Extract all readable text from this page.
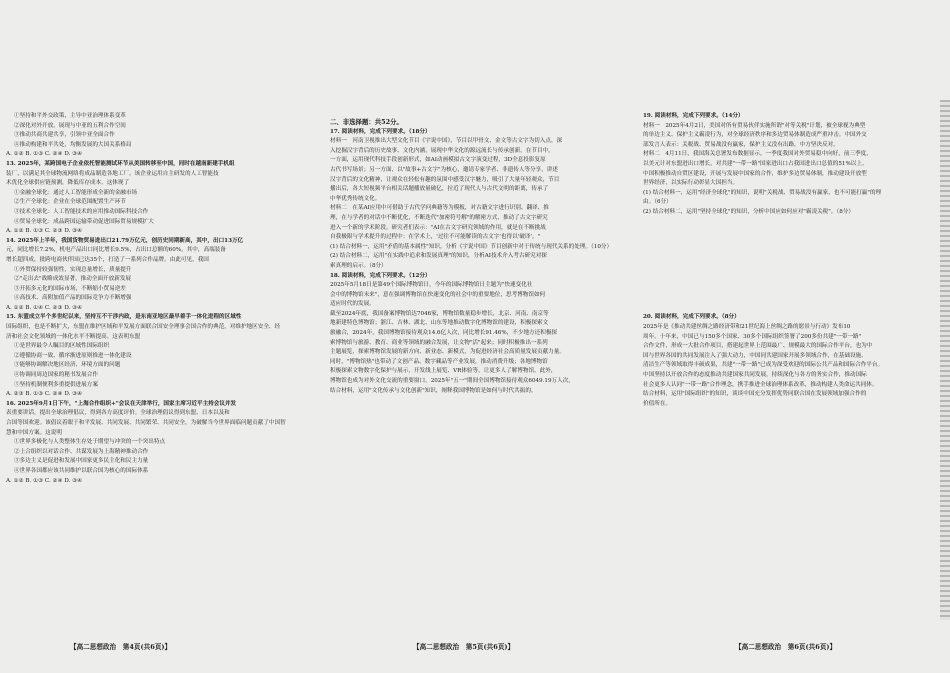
①坚持和平外交政策，主导中亚治理体系变革
②深化对外开放，展现与中亚的五利合作空间
③推动共商共建共享，引领中亚全面合作
④推动构建和平共处，均衡发展的大国关系格局
A. ①② B. ①③ C. ②④ D. ③④
13. 2025年，某跨国电子企业依托智能测试环节从美国转移至中国，同时在越南新建手机组
装厂，以满足其全球物流网络将成品制造各地工厂。该企业运用自主研发的人工智能技
术优化全球供应链预测，降低库存成本。这体现了
①金融全球化：通过人工智能形成全新的金融市场
②生产全球化：企业在全球范围配置生产环节
③技术全球化：人工智能技术的应用推动国际科技合作
④贸易全球化：成品跨国运输带动促进国际贸易规模扩大
A. ①② B. ①③ C. ②③ D. ③④
14. 2025年上半年，我国货物贸易进出口21.79万亿元，创历史同期新高，其中，出口13万亿
元，同比增长7.2%，机电产品出口同比增长9.5%，占出口总额的60%，其中，高端装备
增长超四成，批跨电商伙伴国已达35个，打造了一系列合作品牌。由此可见，我国
①外贸保持较强韧性，实现总量增长，质量提升
②"走出去"战略成效显著，推动全面开放新发展
③开拓多元化的国际市场，不断缩小贸易逆差
④高技术、高附加值产品的国际竞争力不断增强
A. ①② B. ①④ C. ②③ D. ③④
15. 东盟成立半个多世纪以来，坚持互不干涉内政，是东南亚地区最早着手一体化进程的区域性
国际组织，也是不断扩大，东盟在维护区域和平发展方面联合国安全理事会国合作的典范，对维护地区安全、经
济和社会文化领域的一体化水平不断提高。这表明东盟
①是世界最令人瞩目的区域性国际组织
②遵循协商一致、循序渐进原则推进一体化建设
③能够协调解决地区经济、环境方面的问题
④协调同周边国家的秘书发展合作
⑤坚持机制便利多重提供进展方案
A. ②③ B. ①③ C. ②④ D. ③④
16. 2025年9月1日下午，"上海合作组织+"会议在天津举行，国家主席习近平主持会议并发
表重要讲话，提出全球治理倡议，得到各方高度评价。全球治理倡议得到东盟、日本以及和
合国等国欢迎。该倡议着眼于和平发展、共同发展、共同繁荣、共同安全，为破解当今世界面临问题贡献了中国智
慧和中国方案。这说明
①世界多极化与人类整体生存处于期望与冲突的一个突出特点
②上合组织以对话合作、共谋发展为上海精神推动合作
③多边主义是促进和发展中国家更多民主化和民主力量
④世界各国都应该共同维护以联合国为核心的国际体系
A. ①② B. ①③ C. ②④ D. ③④
二、非选择题：共52分。
17. 阅读材料，完成下列要求。（18分）
材料一　河南卫视推出大型文化节目《宇说中国》，节目以甲骨文、金文等古文字为切入点，深
入挖掘汉字背后的历史故事、文化内涵，展现中华文化的源远流长与传承创新。在节目中，
一方面，运用现代科技手段创新形式，如AI动画模拟古文字演变过程，3D全息投影复原
古代书写场景；另一方面，以"故事+古文字"为核心，邀请专家学者、非遗传人等分享，讲述
汉字背后的文化精神，让观众在轻松有趣的氛围中感受汉字魅力，吸引了大量年轻观众，节目
播出后，各大短视频平台相关话题播放量破亿，拉近了现代人与古代文明的距离，传承了
中华优秀传统文化。
材料二　在某AI应用中可借助于古代学问典籍等为模板，对古籍文字进行识别、翻译、推
理，在与学者的对话中不断优化，不断迭代"加密符号解"的解密方式，推动了古文字研究
进入一个新的学术阶段。研究者们表示："AI在古文字研究领域的作用，就是在不断挑战
自我极限与学术提升的过程中：在学术上，'过往不可能解读的古文字'也得以'破译'。"
(1) 结合材料一，运用"矛盾的基本属性"知识，分析《宇说中国》节目创新中对于传统与现代关系的处理。（10分）
(2) 结合材料二，运用"在实践中追求和发展真理"的知识，分析AI技术介入考古研究对探
索真理的启示。（8分）
18. 阅读材料，完成下列要求。（12分）
2025年5月18日是第49个国际博物馆日，今年的国际博物馆日主题为"快速变化社
会中的博物馆未来"，意在强调博物馆在快速变化的社会中的重要地位，思考博物馆如何
适应时代的发展。
截至2024年底，我国备案博物馆达7046家，博物馆数量稳步增长，北京、河南、南京等
地新建特色博物馆；浙江、吉林、湖北、山东等地推动数字化博物馆的建设，积极探索文
旅融合，2024年，我国博物馆接待观众14.6亿人次，同比增长91.46%，不少地方还积极探
索博物馆与旅游、教育、商业等领域的融合发展，让文物"活"起来；同时积极推出一系列
主题展览，探索博物馆发展的新方向、新业态、新模式，为促进经济社会高质量发展贡献力量。
同时，"博物馆热"也带动了文创产品、数字藏品等产业发展，推动消费升级；各地博物馆
积极探索文物数字化保护与展示，开发线上展览、VR体验等，让更多人了解博物馆。此外，
博物馆也成为对外文化交流的重要窗口，2025年"五一"期间全国博物馆接待观众6049.19万人次，
结合材料，运用"文化传承与文化创新"知识，阐释我国博物馆是如何与时代共振的。
19. 阅读材料，完成下列要求。（14分）
材料一　2025年4月2日，美国对所有贸易伙伴实施所谓"对等关税"计划，被全球视为典型
的单边主义、保护主义霸凌行为，对全球经济秩序和多边贸易体制造成严重冲击。中国外交
部发言人表示：关税战、贸易战没有赢家，保护主义没有出路，中方坚决反对。
材料二　4月11日，我国海关总署发布数据显示，一季度我国对外贸易稳中向好，前三季度，
以美元计对东盟进出口增长，对共建"一带一路"国家进出口占我国进出口总值的51%以上。
中国积极推动自贸区建设，开展与发展中国家的合作，维护多边贸易体制，推动建设开放型
世界经济，以实际行动彰显大国担当。
(1) 结合材料一，运用"经济全球化"的知识，说明"关税战、贸易战没有赢家，也不可能打赢"的理
由。（6分）
(2) 结合材料二，运用"坚持全球化"的知识，分析中国应如何应对"霸凌关税"。（8分）

20. 阅读材料，完成下列要求。（8分）
2025年是《推动共建丝绸之路经济带和21世纪海上丝绸之路的愿景与行动》发布10
周年。十年来，中国已与150多个国家、30多个国际组织签署了200多份共建"一带一路"
合作文件，形成一大批合作项目，搭建起世界上范围最广、规模最大的国际合作平台，也为中
国与世界各国的共同发展注入了强大动力，中国同共建国家开展多领域合作，在基础设施、
清洁生产等领域取得丰硕成果，共建"一带一路"已成为深受欢迎的国际公共产品和国际合作平台。
中国坚持以开放合作的态度推动共建国家共同发展，持续深化与各方的务实合作，推动国际
社会更多人认同"一带一路"合作理念，携手推进全球治理体系改革，推动构建人类命运共同体。
结合材料，运用"国际组织"的知识，谈谈中国充分发挥优势同联合国在发展领域加强合作的
价值所在。
【高二思想政治　第4页(共6页)】	【高二思想政治　第5页(共6页)】	【高二思想政治　第6页(共6页)】
